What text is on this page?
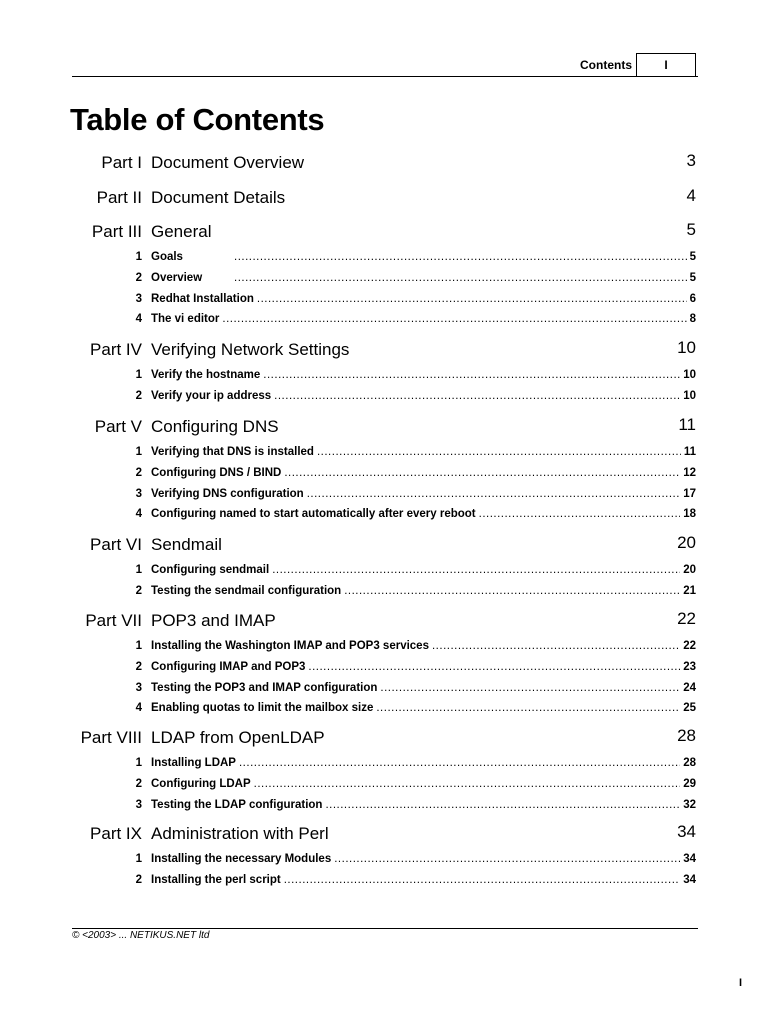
Contents	I
Table of Contents
Part I Document Overview	3
Part II Document Details	4
Part III General	5
1 Goals .....	5
2 Overview .....	5
3 Redhat Installation .....	6
4 The vi editor .....	8
Part IV Verifying Network Settings	10
1 Verify the hostname .....	10
2 Verify your ip address .....	10
Part V Configuring DNS	11
1 Verifying that DNS is installed .....	11
2 Configuring DNS / BIND .....	12
3 Verifying DNS configuration .....	17
4 Configuring named to start automatically after every reboot .....	18
Part VI Sendmail	20
1 Configuring sendmail .....	20
2 Testing the sendmail configuration .....	21
Part VII POP3 and IMAP	22
1 Installing the Washington IMAP and POP3 services .....	22
2 Configuring IMAP and POP3 .....	23
3 Testing the POP3 and IMAP configuration .....	24
4 Enabling quotas to limit the mailbox size .....	25
Part VIII LDAP from OpenLDAP	28
1 Installing LDAP .....	28
2 Configuring LDAP .....	29
3 Testing the LDAP configuration .....	32
Part IX Administration with Perl	34
1 Installing the necessary Modules .....	34
2 Installing the perl script .....	34
© <2003> ... NETIKUS.NET ltd
I
